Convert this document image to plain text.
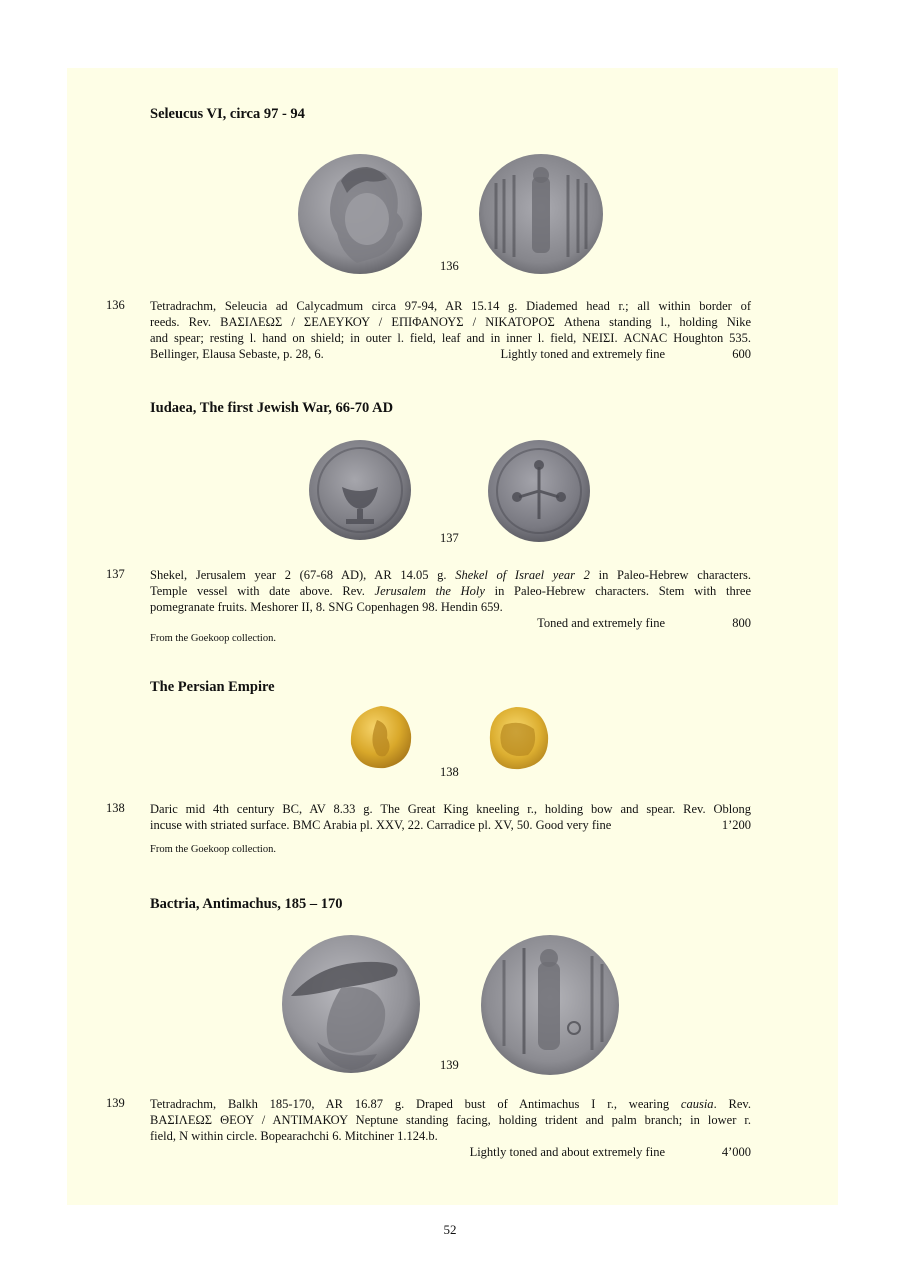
Seleucus VI, circa 97 - 94
136
136 Tetradrachm, Seleucia ad Calycadmum circa 97-94, AR 15.14 g. Diademed head r.; all within border of
reeds. Rev. ΒΑΣΙΛΕΩΣ / ΣΕΛΕΥΚΟΥ / ΕΠΙΦΑΝΟΥΣ / ΝΙΚΑΤΟΡΟΣ Athena standing l., holding Nike
and spear; resting l. hand on shield; in outer l. field, leaf and in inner l. field, ΝΕΙΣΙ. ACNAC Houghton 535.
Bellinger, Elausa Sebaste, p. 28, 6.	Lightly toned and extremely fine	600
Iudaea, The first Jewish War, 66-70 AD
137
137 Shekel, Jerusalem year 2 (67-68 AD), AR 14.05 g. Shekel of Israel year 2 in Paleo-Hebrew characters.
Temple vessel with date above. Rev. Jerusalem the Holy in Paleo-Hebrew characters. Stem with three
pomegranate fruits. Meshorer II, 8. SNG Copenhagen 98. Hendin 659.
Toned and extremely fine	800
From the Goekoop collection.
The Persian Empire
138
138 Daric mid 4th century BC, AV 8.33 g. The Great King kneeling r., holding bow and spear. Rev. Oblong
incuse with striated surface. BMC Arabia pl. XXV, 22. Carradice pl. XV, 50. Good very fine	1’200
From the Goekoop collection.
Bactria, Antimachus, 185 – 170
139
139 Tetradrachm, Balkh 185-170, AR 16.87 g. Draped bust of Antimachus I r., wearing causia. Rev.
ΒΑΣΙΛΕΩΣ ΘΕΟΥ / ΑΝΤΙΜΑΚΟΥ Neptune standing facing, holding trident and palm branch; in lower r.
field, N within circle. Bopearachchi 6. Mitchiner 1.124.b.
Lightly toned and about extremely fine	4’000
52
